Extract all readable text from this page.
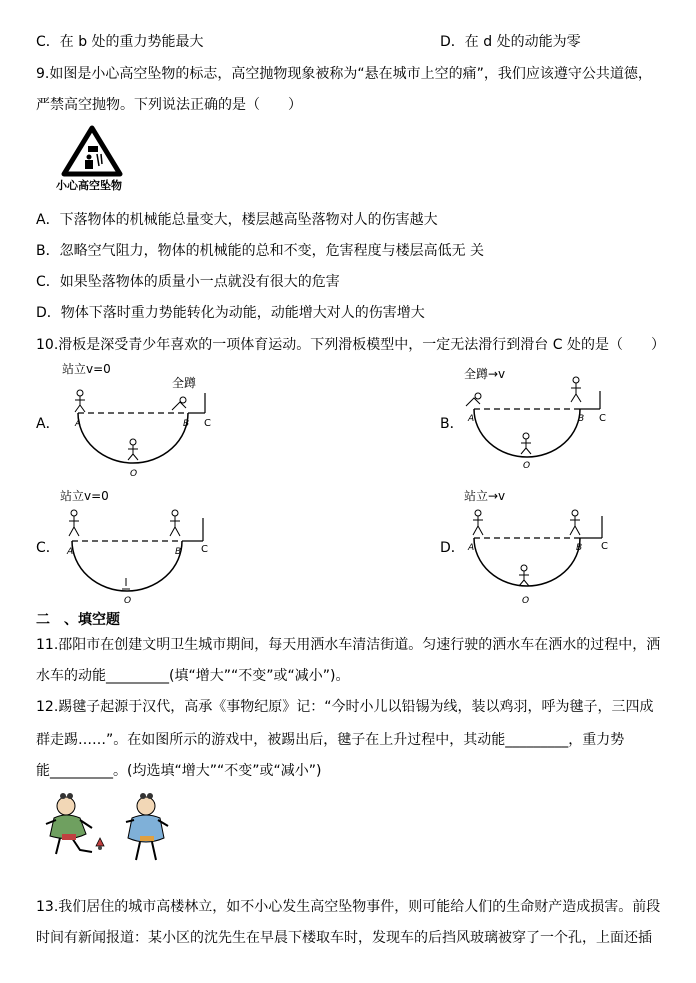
C．在 b 处的重力势能最大	D．在 d 处的动能为零
9.如图是小心高空坠物的标志，高空抛物现象被称为“悬在城市上空的痛”，我们应该遵守公共道德，
严禁高空抛物。下列说法正确的是（　　）
小心高空坠物
A．下落物体的机械能总量变大，楼层越高坠落物对人的伤害越大
B．忽略空气阻力，物体的机械能的总和不变，危害程度与楼层高低无 关
C．如果坠落物体的质量小一点就没有很大的危害
D．物体下落时重力势能转化为动能，动能增大对人的伤害增大
10.滑板是深受青少年喜欢的一项体育运动。下列滑板模型中，一定无法滑行到滑台 C 处的是（　　）
A．
站立v=0
全蹲
A	B C
O
B．
全蹲→v
A	B C
O
C．
站立v=0
A	B C
O
D．
站立→v
A	B C
O
二　、填空题
11.邵阳市在创建文明卫生城市期间，每天用洒水车清洁街道。匀速行驶的洒水车在洒水的过程中，洒
水车的动能_________(填“增大”“不变”或“减小”)。
12.踢毽子起源于汉代，高承《事物纪原》记：“今时小儿以铅锡为线，装以鸡羽，呼为毽子，三四成
群走踢……”。在如图所示的游戏中，被踢出后，毽子在上升过程中，其动能_________，重力势
能_________。(均选填“增大”“不变”或“减小”)
13.我们居住的城市高楼林立，如不小心发生高空坠物事件，则可能给人们的生命财产造成损害。前段
时间有新闻报道：某小区的沈先生在早晨下楼取车时，发现车的后挡风玻璃被穿了一个孔，上面还插
